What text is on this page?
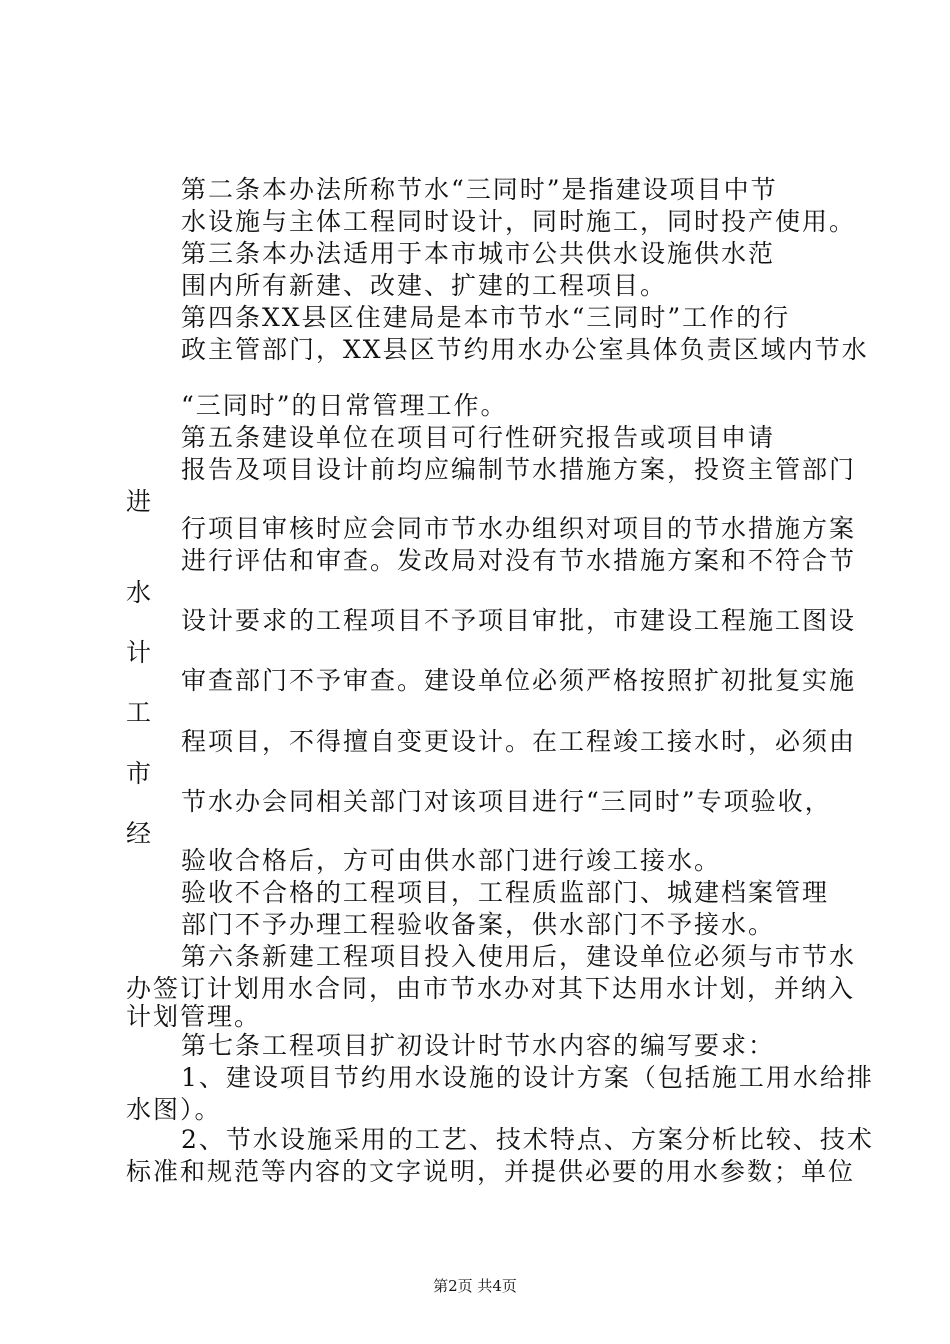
第二条本办法所称节水“三同时”是指建设项目中节
水设施与主体工程同时设计，同时施工，同时投产使用。
第三条本办法适用于本市城市公共供水设施供水范
围内所有新建、改建、扩建的工程项目。
第四条XX县区住建局是本市节水“三同时”工作的行
政主管部门，XX县区节约用水办公室具体负责区域内节水
“三同时”的日常管理工作。
第五条建设单位在项目可行性研究报告或项目申请
报告及项目设计前均应编制节水措施方案，投资主管部门
进
行项目审核时应会同市节水办组织对项目的节水措施方案
进行评估和审查。发改局对没有节水措施方案和不符合节
水
设计要求的工程项目不予项目审批，市建设工程施工图设
计
审查部门不予审查。建设单位必须严格按照扩初批复实施
工
程项目，不得擅自变更设计。在工程竣工接水时，必须由
市
节水办会同相关部门对该项目进行“三同时”专项验收，
经
验收合格后，方可由供水部门进行竣工接水。
验收不合格的工程项目，工程质监部门、城建档案管理
部门不予办理工程验收备案，供水部门不予接水。
第六条新建工程项目投入使用后，建设单位必须与市节水
办签订计划用水合同，由市节水办对其下达用水计划，并纳入
计划管理。
第七条工程项目扩初设计时节水内容的编写要求：
1、建设项目节约用水设施的设计方案（包括施工用水给排
水图）。
2、节水设施采用的工艺、技术特点、方案分析比较、技术
标准和规范等内容的文字说明，并提供必要的用水参数；单位
第2页 共4页
